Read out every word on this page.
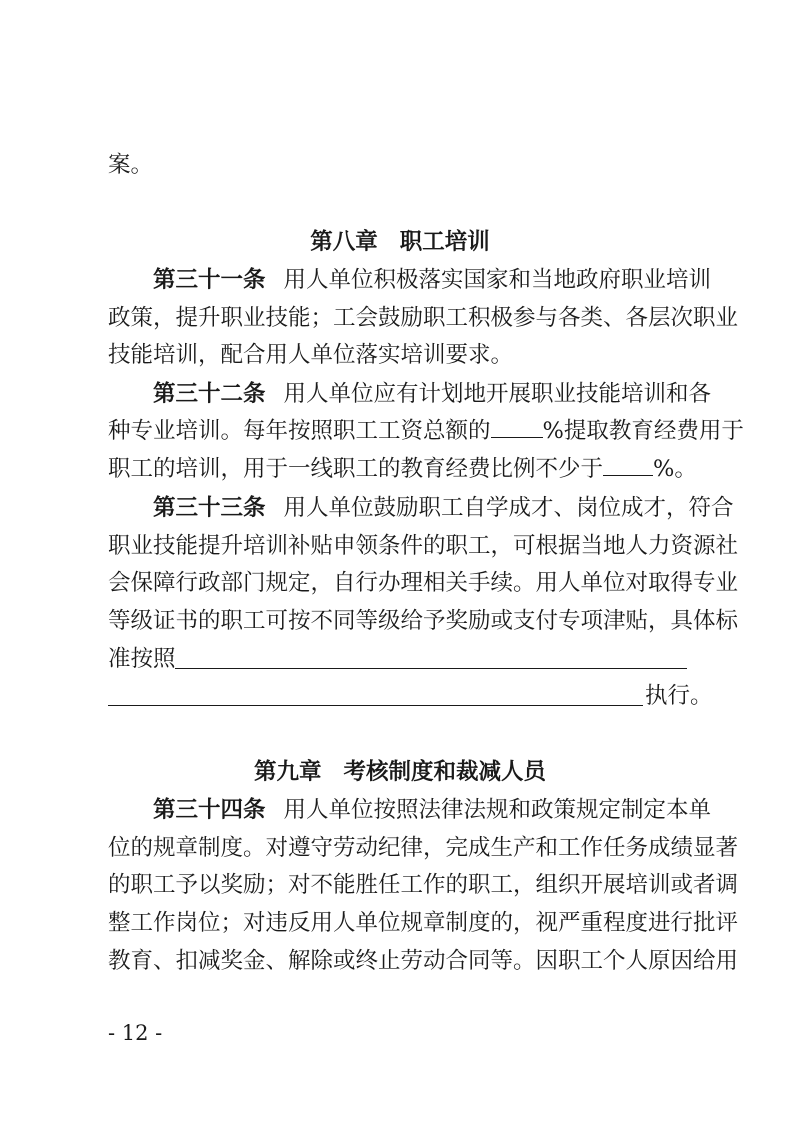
案。

第八章 职工培训

第三十一条 用人单位积极落实国家和当地政府职业培训

政策，提升职业技能；工会鼓励职工积极参与各类、各层次职业

技能培训，配合用人单位落实培训要求。

第三十二条 用人单位应有计划地开展职业技能培训和各

种专业培训。每年按照职工工资总额的 %提取教育经费用于

职工的培训，用于一线职工的教育经费比例不少于 %。

第三十三条 用人单位鼓励职工自学成才、岗位成才，符合

职业技能提升培训补贴申领条件的职工，可根据当地人力资源社

会保障行政部门规定，自行办理相关手续。用人单位对取得专业

等级证书的职工可按不同等级给予奖励或支付专项津贴，具体标

准按照

执行。

第九章 考核制度和裁减人员

第三十四条 用人单位按照法律法规和政策规定制定本单

位的规章制度。对遵守劳动纪律，完成生产和工作任务成绩显著

的职工予以奖励；对不能胜任工作的职工，组织开展培训或者调

整工作岗位；对违反用人单位规章制度的，视严重程度进行批评

教育、扣减奖金、解除或终止劳动合同等。因职工个人原因给用

- 12 -
